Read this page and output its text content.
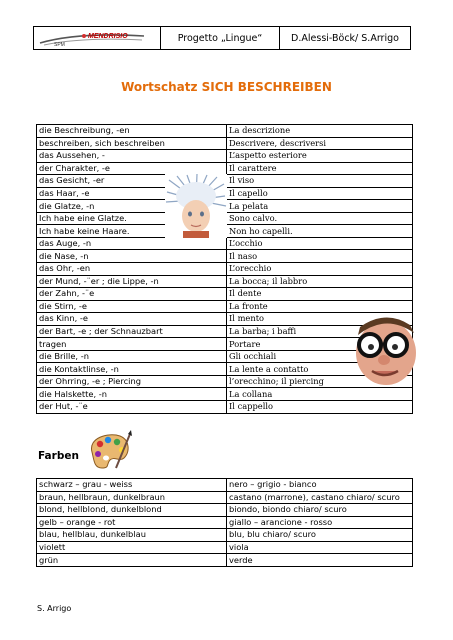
MENDRISIO
SPM
	Progetto „Lingue“	D.Alessi-Böck/ S.Arrigo
Wortschatz SICH BESCHREIBEN
die Beschreibung, -en	La descrizione
beschreiben, sich beschreiben	Descrivere, descriversi
das Aussehen, -	L’aspetto esteriore
der Charakter, -e	Il carattere
das Gesicht, -er	Il viso
das Haar, -e	Il capello
die Glatze, -n	La pelata
Ich habe eine Glatze.	Sono calvo.
Ich habe keine Haare.	Non ho capelli.
das Auge, -n	L’occhio
die Nase, -n	Il naso
das Ohr, -en	L’orecchio
der Mund, -¨er ; die Lippe, -n	La bocca; il labbro
der Zahn, -¨e	Il dente
die Stirn, -e	La fronte
das Kinn, -e	Il mento
der Bart, -e ; der Schnauzbart	La barba; i baffi
tragen	Portare
die Brille, -n	Gli occhiali
die Kontaktlinse, -n	La lente a contatto
der Ohrring, -e ; Piercing	l’orecchino; il piercing
die Halskette, -n	La collana
der Hut, -¨e	Il cappello
Farben
schwarz – grau - weiss	nero – grigio - bianco
braun, hellbraun, dunkelbraun	castano (marrone), castano chiaro/ scuro
blond, hellblond, dunkelblond	biondo, biondo chiaro/ scuro
gelb – orange - rot	giallo – arancione - rosso
blau, hellblau, dunkelblau	blu, blu chiaro/ scuro
violett	viola
grün	verde
S. Arrigo
